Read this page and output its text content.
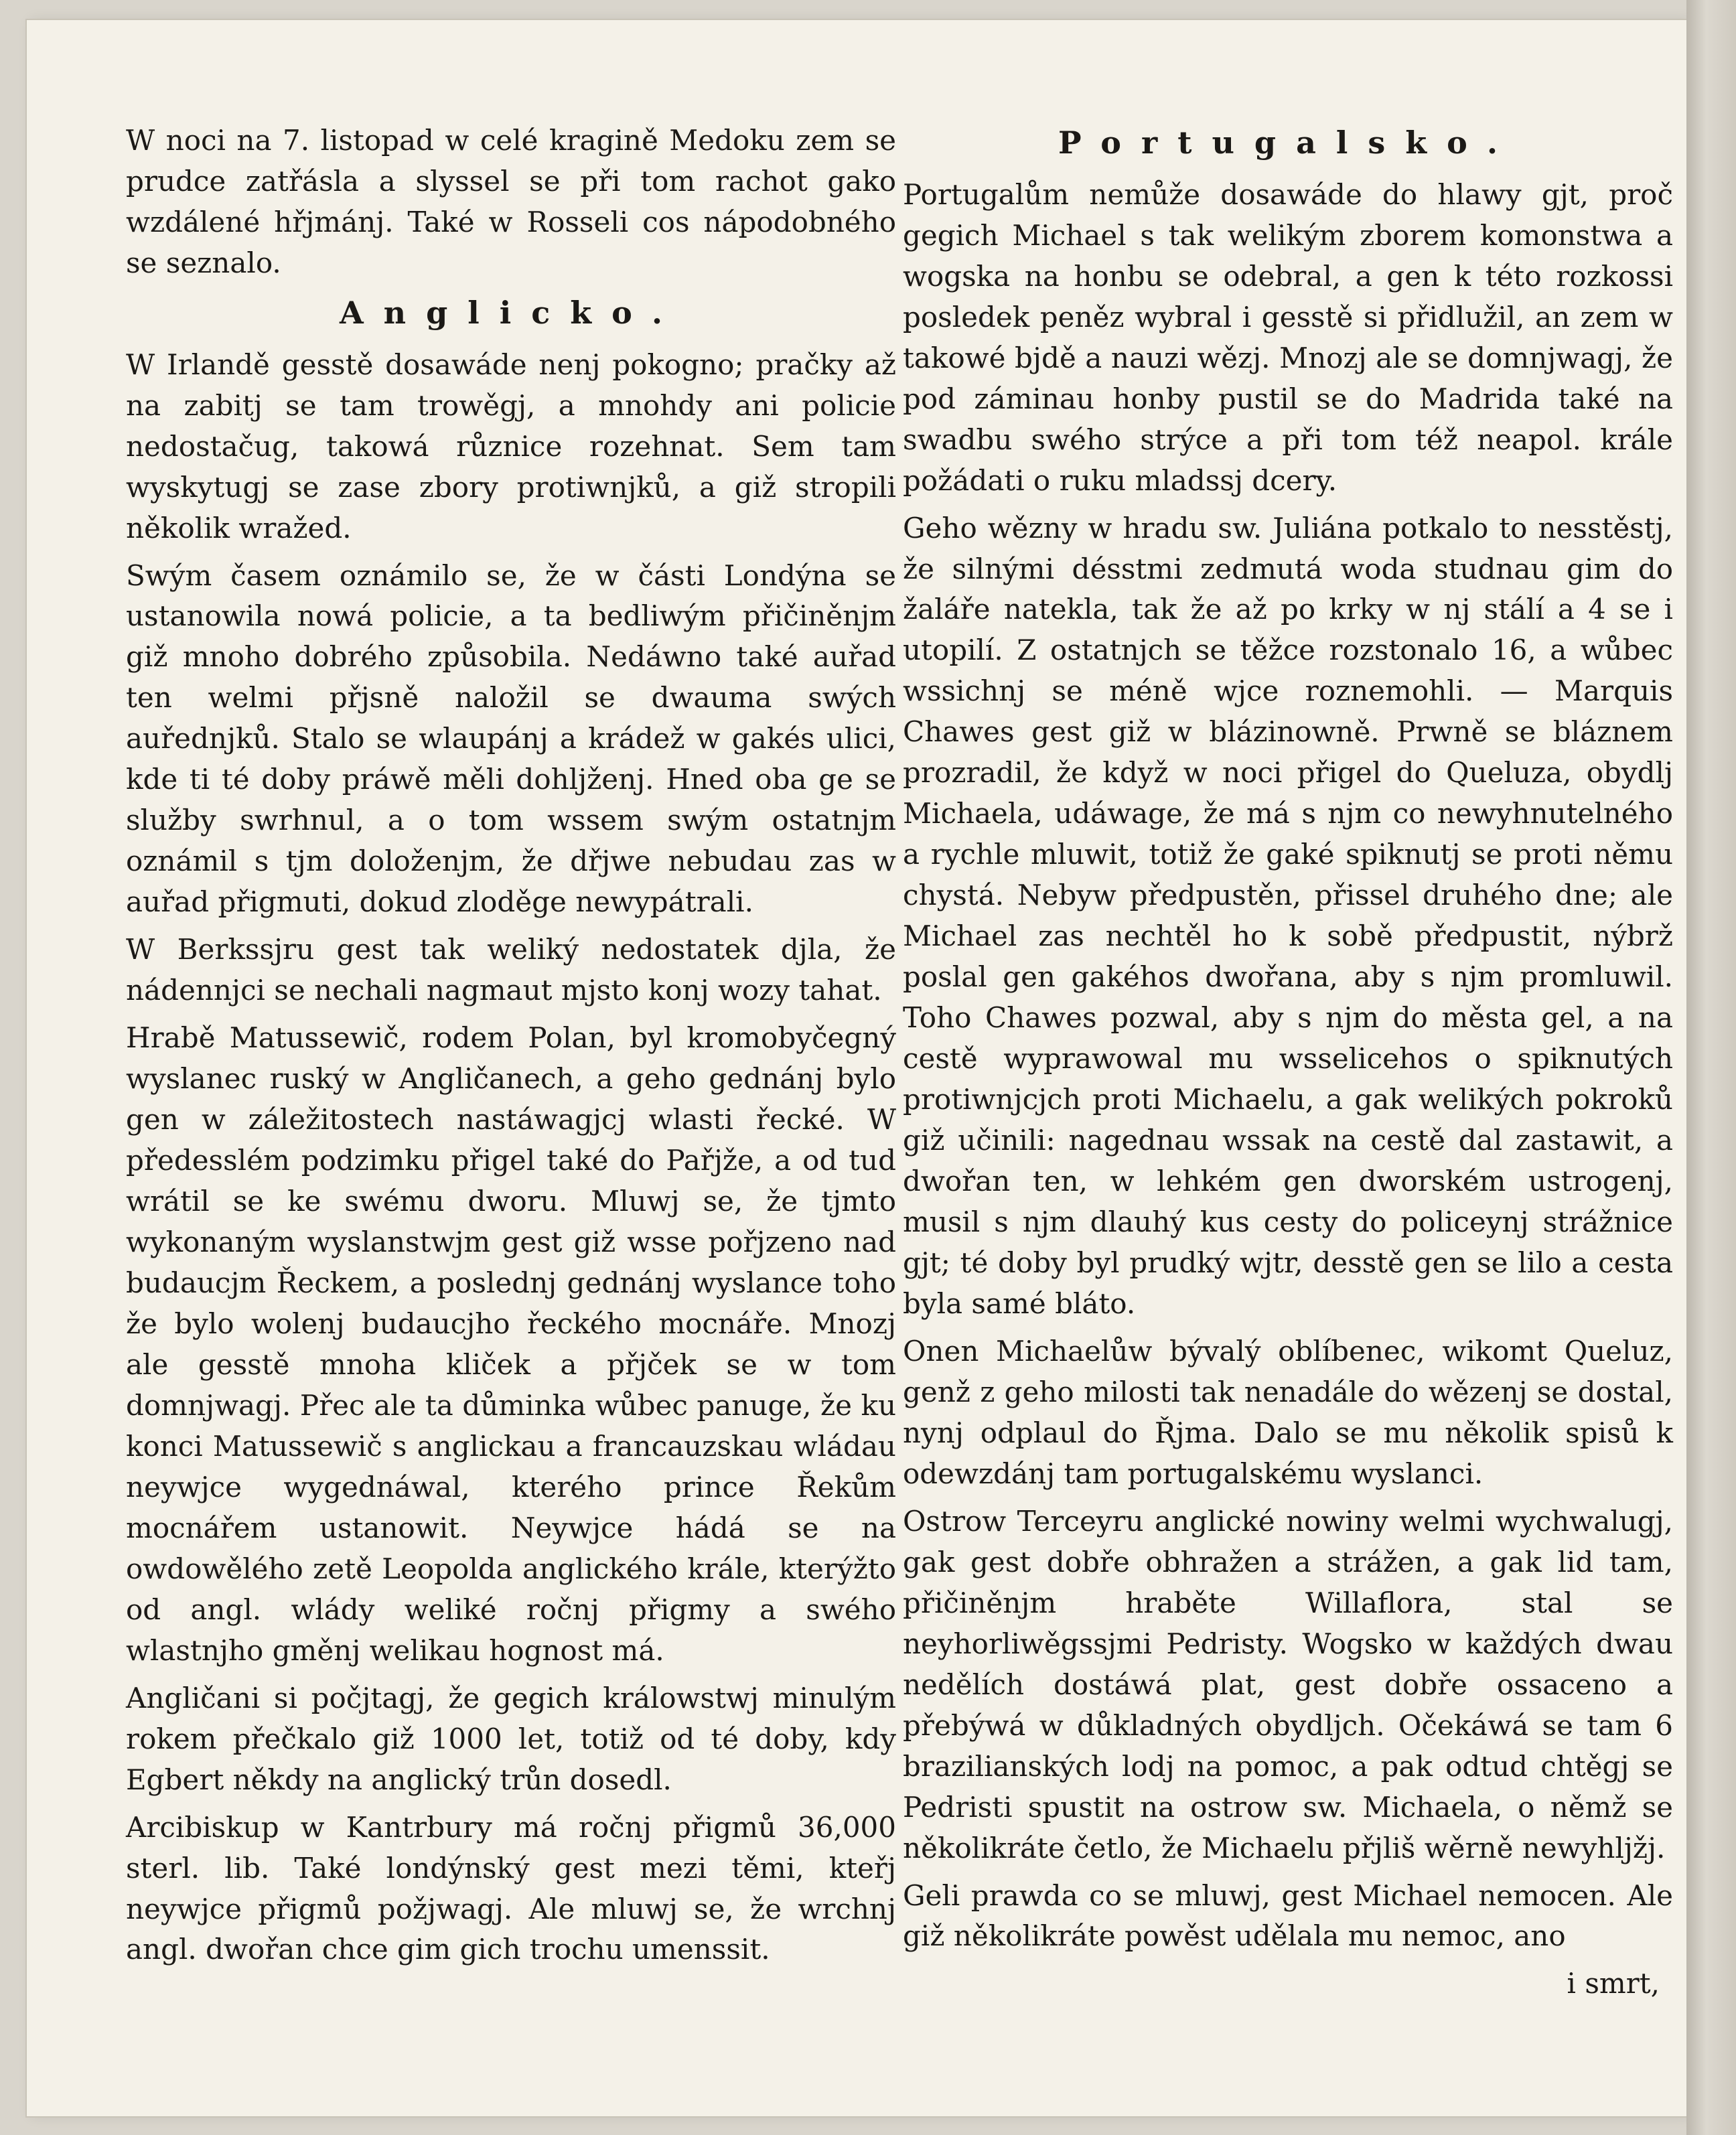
W noci na 7. listopad w celé kragině Medoku zem se prudce zatřásla a slyssel se při tom rachot gako wzdálené hřjmánj. Také w Rosseli cos nápodobného se seznalo.

Anglicko.

W Irlandě gesstě dosawáde nenj pokogno; pračky až na zabitj se tam trowěgj, a mnohdy ani policie nedostačug, takowá různice rozehnat. Sem tam wyskytugj se zase zbory protiwnjků, a giž stropili několik wražed.

Swým časem oznámilo se, že w části Londýna se ustanowila nowá policie, a ta bedliwým přičiněnjm giž mnoho dobrého způsobila. Nedáwno také auřad ten welmi přjsně naložil se dwauma swých auřednjků. Stalo se wlaupánj a krádež w gakés ulici, kde ti té doby práwě měli dohljženj. Hned oba ge se služby swrhnul, a o tom wssem swým ostatnjm oznámil s tjm doloženjm, že dřjwe nebudau zas w auřad přigmuti, dokud zloděge newypátrali.

W Berkssjru gest tak weliký nedostatek djla, že nádennjci se nechali nagmaut mjsto konj wozy tahat.

Hrabě Matussewič, rodem Polan, byl kromobyčegný wyslanec ruský w Angličanech, a geho gednánj bylo gen w záležitostech nastáwagjcj wlasti řecké. W předesslém podzimku přigel také do Pařjže, a od tud wrátil se ke swému dworu. Mluwj se, že tjmto wykonaným wyslanstwjm gest giž wsse pořjzeno nad budaucjm Řeckem, a poslednj gednánj wyslance toho že bylo wolenj budaucjho řeckého mocnáře. Mnozj ale gesstě mnoha kliček a přjček se w tom domnjwagj. Přec ale ta důminka wůbec panuge, že ku konci Matussewič s anglickau a francauzskau wládau neywjce wygednáwal, kterého prince Řekům mocnářem ustanowit. Neywjce hádá se na owdowělého zetě Leopolda anglického krále, kterýžto od angl. wlády weliké ročnj přigmy a swého wlastnjho gměnj welikau hognost má.

Angličani si počjtagj, že gegich králowstwj minulým rokem přečkalo giž 1000 let, totiž od té doby, kdy Egbert někdy na anglický trůn dosedl.

Arcibiskup w Kantrbury má ročnj přigmů 36,000 sterl. lib. Také londýnský gest mezi těmi, kteřj neywjce přigmů požjwagj. Ale mluwj se, že wrchnj angl. dwořan chce gim gich trochu umenssit.

Portugalsko.

Portugalům nemůže dosawáde do hlawy gjt, proč gegich Michael s tak welikým zborem komonstwa a wogska na honbu se odebral, a gen k této rozkossi posledek peněz wybral i gesstě si přidlužil, an zem w takowé bjdě a nauzi wězj. Mnozj ale se domnjwagj, že pod záminau honby pustil se do Madrida také na swadbu swého strýce a při tom též neapol. krále požádati o ruku mladssj dcery.

Geho wězny w hradu sw. Juliána potkalo to nesstěstj, že silnými désstmi zedmutá woda studnau gim do žaláře natekla, tak že až po krky w nj stálí a 4 se i utopilí. Z ostatnjch se těžce rozstonalo 16, a wůbec wssichnj se méně wjce roznemohli. — Marquis Chawes gest giž w blázinowně. Prwně se bláznem prozradil, že když w noci přigel do Queluza, obydlj Michaela, udáwage, že má s njm co newyhnutelného a rychle mluwit, totiž že gaké spiknutj se proti němu chystá. Nebyw předpustěn, přissel druhého dne; ale Michael zas nechtěl ho k sobě předpustit, nýbrž poslal gen gakéhos dwořana, aby s njm promluwil. Toho Chawes pozwal, aby s njm do města gel, a na cestě wyprawowal mu wsselicehos o spiknutých protiwnjcjch proti Michaelu, a gak welikých pokroků giž učinili: nagednau wssak na cestě dal zastawit, a dwořan ten, w lehkém gen dworském ustrogenj, musil s njm dlauhý kus cesty do policeynj strážnice gjt; té doby byl prudký wjtr, desstě gen se lilo a cesta byla samé bláto.

Onen Michaelůw bývalý oblíbenec, wikomt Queluz, genž z geho milosti tak nenadále do wězenj se dostal, nynj odplaul do Řjma. Dalo se mu několik spisů k odewzdánj tam portugalskému wyslanci.

Ostrow Terceyru anglické nowiny welmi wychwalugj, gak gest dobře obhražen a strážen, a gak lid tam, přičiněnjm hraběte Willaflora, stal se neyhorliwěgssjmi Pedristy. Wogsko w každých dwau nedělích dostáwá plat, gest dobře ossaceno a přebýwá w důkladných obydljch. Očekáwá se tam 6 brazilianských lodj na pomoc, a pak odtud chtěgj se Pedristi spustit na ostrow sw. Michaela, o němž se několikráte četlo, že Michaelu přjliš wěrně newyhljžj.

Geli prawda co se mluwj, gest Michael nemocen. Ale giž několikráte powěst udělala mu nemoc, ano

i smrt,
